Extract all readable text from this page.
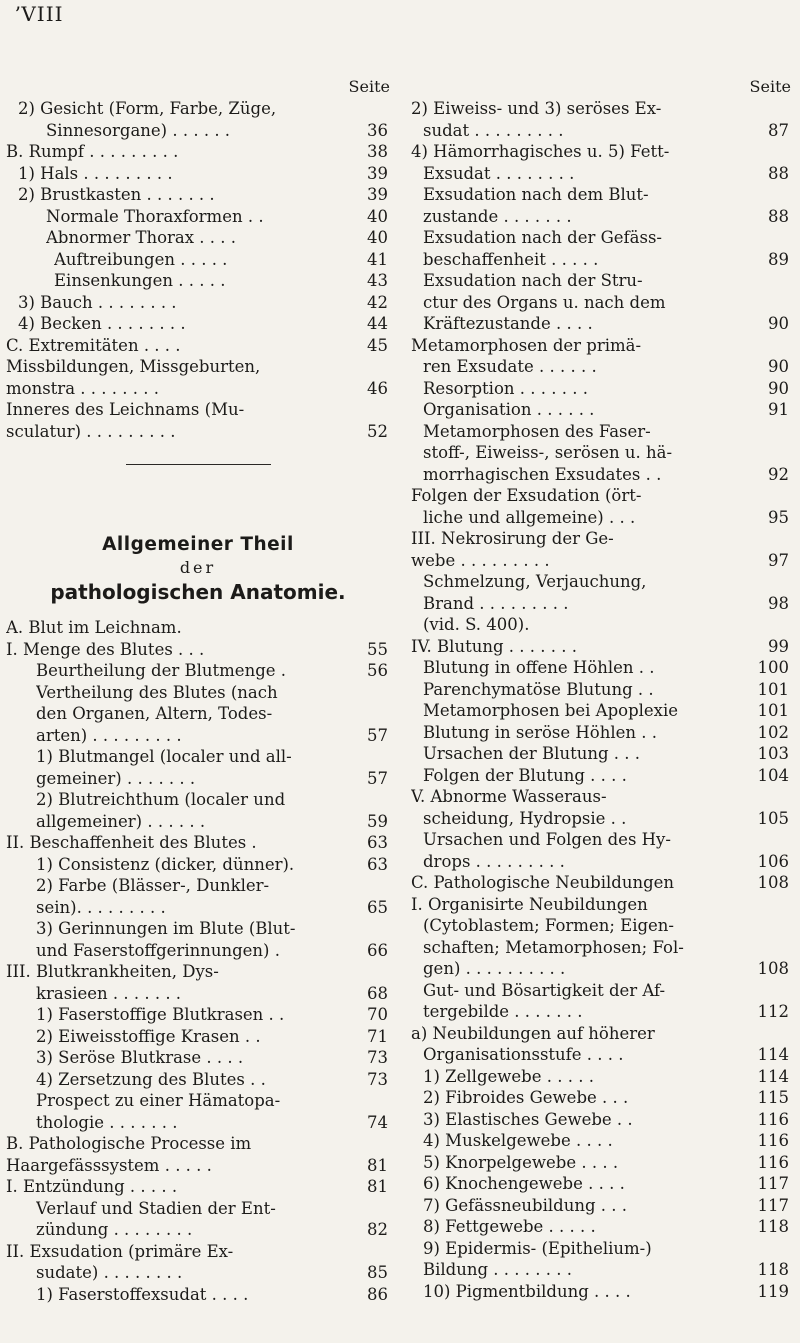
ʼVIII
Seite
2) Gesicht (Form, Farbe, Züge,
Sinnesorgane) . . . . . .	36
B. Rumpf . . . . . . . . .	38
1) Hals . . . . . . . . .	39
2) Brustkasten . . . . . . .	39
Normale Thoraxformen . .	40
Abnormer Thorax . . . .	40
Auftreibungen . . . . .	41
Einsenkungen . . . . .	43
3) Bauch . . . . . . . .	42
4) Becken . . . . . . . .	44
C. Extremitäten . . . .	45
Missbildungen, Missgeburten,
monstra . . . . . . . .	46
Inneres des Leichnams (Mu-
sculatur) . . . . . . . . .	52
Allgemeiner Theil
der
pathologischen Anatomie.
A. Blut im Leichnam.
I. Menge des Blutes . . .	55
Beurtheilung der Blutmenge .	56
Vertheilung des Blutes (nach
den Organen, Altern, Todes-
arten) . . . . . . . . .	57
1) Blutmangel (localer und all-
gemeiner) . . . . . . .	57
2) Blutreichthum (localer und
allgemeiner) . . . . . .	59
II. Beschaffenheit des Blutes .	63
1) Consistenz (dicker, dünner).	63
2) Farbe (Blässer-, Dunkler-
sein). . . . . . . . .	65
3) Gerinnungen im Blute (Blut-
und Faserstoffgerinnungen) .	66
III. Blutkrankheiten, Dys-
krasieen . . . . . . .	68
1) Faserstoffige Blutkrasen . .	70
2) Eiweisstoffige Krasen . .	71
3) Seröse Blutkrase . . . .	73
4) Zersetzung des Blutes . .	73
Prospect zu einer Hämatopa-
thologie . . . . . . .	74
B. Pathologische Processe im
Haargefässsystem . . . . .	81
I. Entzündung . . . . .	81
Verlauf und Stadien der Ent-
zündung . . . . . . . .	82
II. Exsudation (primäre Ex-
sudate) . . . . . . . .	85
1) Faserstoffexsudat . . . .	86
Seite
2) Eiweiss- und 3) seröses Ex-
sudat . . . . . . . . .	87
4) Hämorrhagisches u. 5) Fett-
Exsudat . . . . . . . .	88
Exsudation nach dem Blut-
zustande . . . . . . .	88
Exsudation nach der Gefäss-
beschaffenheit . . . . .	89
Exsudation nach der Stru-
ctur des Organs u. nach dem
Kräftezustande . . . .	90
Metamorphosen der primä-
ren Exsudate . . . . . .	90
Resorption . . . . . . .	90
Organisation . . . . . .	91
Metamorphosen des Faser-
stoff-, Eiweiss-, serösen u. hä-
morrhagischen Exsudates . .	92
Folgen der Exsudation (ört-
liche und allgemeine) . . .	95
III. Nekrosirung der Ge-
webe . . . . . . . . .	97
Schmelzung, Verjauchung,
Brand . . . . . . . . .	98
(vid. S. 400).
IV. Blutung . . . . . . .	99
Blutung in offene Höhlen . .	100
Parenchymatöse Blutung . .	101
Metamorphosen bei Apoplexie	101
Blutung in seröse Höhlen . .	102
Ursachen der Blutung . . .	103
Folgen der Blutung . . . .	104
V. Abnorme Wasseraus-
scheidung, Hydropsie . .	105
Ursachen und Folgen des Hy-
drops . . . . . . . . .	106
C. Pathologische Neubildungen	108
I. Organisirte Neubildungen
(Cytoblastem; Formen; Eigen-
schaften; Metamorphosen; Fol-
gen) . . . . . . . . . .	108
Gut- und Bösartigkeit der Af-
tergebilde . . . . . . .	112
a) Neubildungen auf höherer
Organisationsstufe . . . .	114
1) Zellgewebe . . . . .	114
2) Fibroides Gewebe . . .	115
3) Elastisches Gewebe . .	116
4) Muskelgewebe . . . .	116
5) Knorpelgewebe . . . .	116
6) Knochengewebe . . . .	117
7) Gefässneubildung . . .	117
8) Fettgewebe . . . . .	118
9) Epidermis- (Epithelium-)
Bildung . . . . . . . .	118
10) Pigmentbildung . . . .	119
